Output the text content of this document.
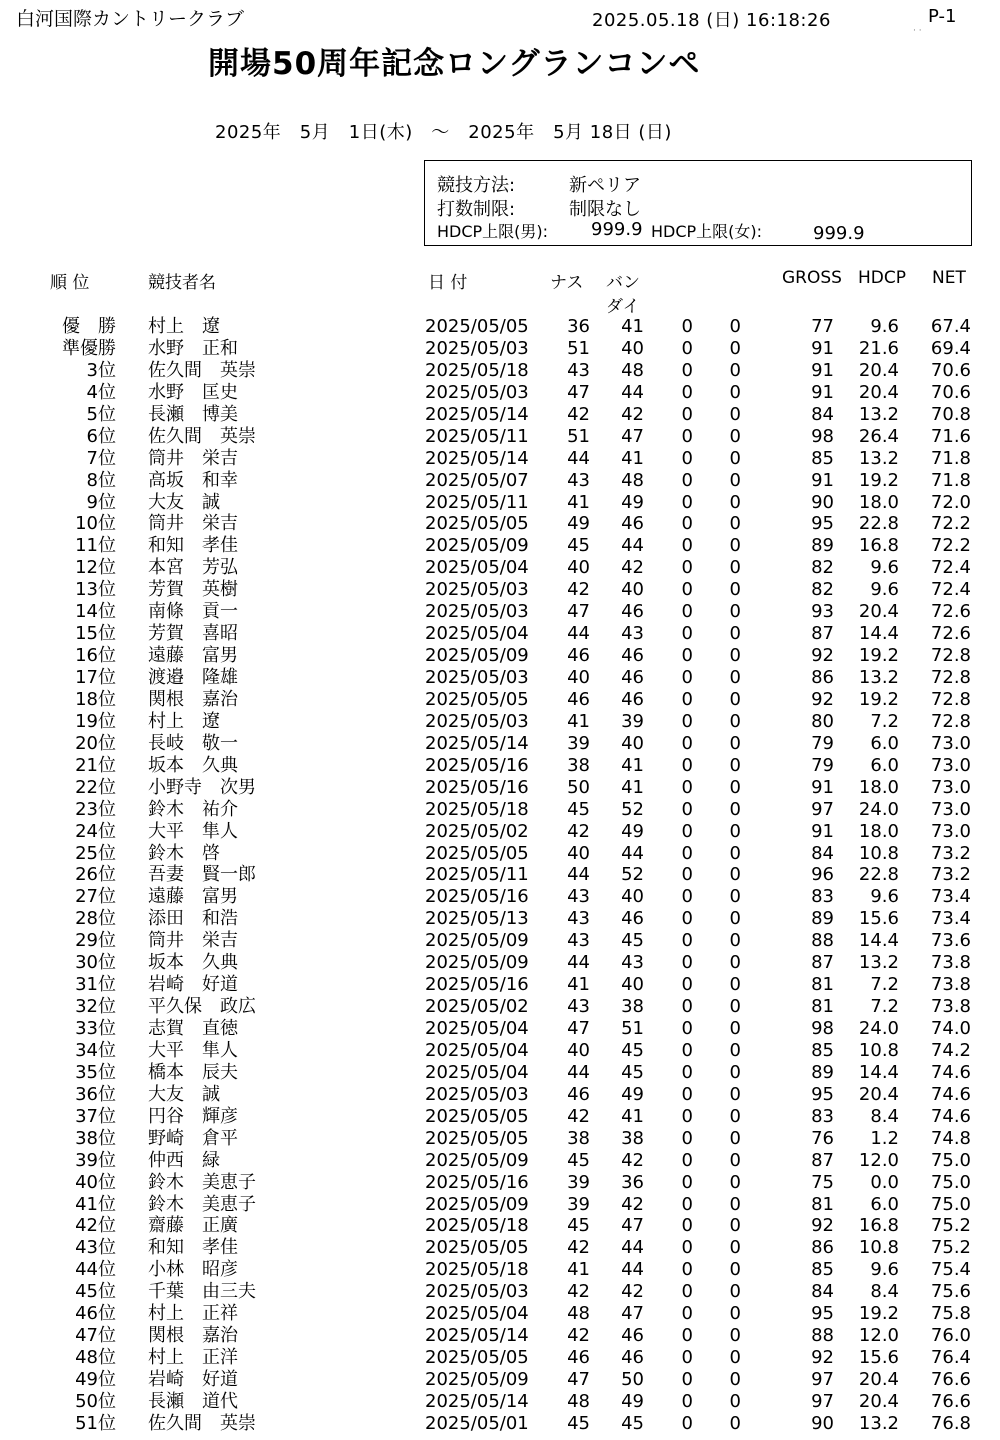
白河国際カントリークラブ	2025.05.18 (日) 16:18:26	P-1
· ·
開場50周年記念ロングランコンペ
2025年　5月　1日(木)　～　2025年　5月 18日 (日)
競技方法:	新ペリア
打数制限:	制限なし
HDCP上限(男): 999.9 HDCP上限(女):	999.9
順 位	競技者名	日 付	ナス バン
ダイ
GROSS HDCP NET
優　勝 村上　遼	2025/05/05 36 41 0 0	77 9.6 67.4
準優勝 水野　正和	2025/05/03 51 40 0 0	91 21.6 69.4
3位 佐久間　英崇	2025/05/18 43 48 0 0	91 20.4 70.6
4位 水野　匡史	2025/05/03 47 44 0 0	91 20.4 70.6
5位 長瀬　博美	2025/05/14 42 42 0 0	84 13.2 70.8
6位 佐久間　英崇	2025/05/11 51 47 0 0	98 26.4 71.6
7位 筒井　栄吉	2025/05/14 44 41 0 0	85 13.2 71.8
8位 高坂　和幸	2025/05/07 43 48 0 0	91 19.2 71.8
9位 大友　誠	2025/05/11 41 49 0 0	90 18.0 72.0
10位 筒井　栄吉	2025/05/05 49 46 0 0	95 22.8 72.2
11位 和知　孝佳	2025/05/09 45 44 0 0	89 16.8 72.2
12位 本宮　芳弘	2025/05/04 40 42 0 0	82 9.6 72.4
13位 芳賀　英樹	2025/05/03 42 40 0 0	82 9.6 72.4
14位 南條　貢一	2025/05/03 47 46 0 0	93 20.4 72.6
15位 芳賀　喜昭	2025/05/04 44 43 0 0	87 14.4 72.6
16位 遠藤　富男	2025/05/09 46 46 0 0	92 19.2 72.8
17位 渡邉　隆雄	2025/05/03 40 46 0 0	86 13.2 72.8
18位 関根　嘉治	2025/05/05 46 46 0 0	92 19.2 72.8
19位 村上　遼	2025/05/03 41 39 0 0	80 7.2 72.8
20位 長岐　敬一	2025/05/14 39 40 0 0	79 6.0 73.0
21位 坂本　久典	2025/05/16 38 41 0 0	79 6.0 73.0
22位 小野寺　次男	2025/05/16 50 41 0 0	91 18.0 73.0
23位 鈴木　祐介	2025/05/18 45 52 0 0	97 24.0 73.0
24位 大平　隼人	2025/05/02 42 49 0 0	91 18.0 73.0
25位 鈴木　啓	2025/05/05 40 44 0 0	84 10.8 73.2
26位 吾妻　賢一郎	2025/05/11 44 52 0 0	96 22.8 73.2
27位 遠藤　富男	2025/05/16 43 40 0 0	83 9.6 73.4
28位 添田　和浩	2025/05/13 43 46 0 0	89 15.6 73.4
29位 筒井　栄吉	2025/05/09 43 45 0 0	88 14.4 73.6
30位 坂本　久典	2025/05/09 44 43 0 0	87 13.2 73.8
31位 岩崎　好道	2025/05/16 41 40 0 0	81 7.2 73.8
32位 平久保　政広	2025/05/02 43 38 0 0	81 7.2 73.8
33位 志賀　直徳	2025/05/04 47 51 0 0	98 24.0 74.0
34位 大平　隼人	2025/05/04 40 45 0 0	85 10.8 74.2
35位 橋本　辰夫	2025/05/04 44 45 0 0	89 14.4 74.6
36位 大友　誠	2025/05/03 46 49 0 0	95 20.4 74.6
37位 円谷　輝彦	2025/05/05 42 41 0 0	83 8.4 74.6
38位 野崎　倉平	2025/05/05 38 38 0 0	76 1.2 74.8
39位 仲西　緑	2025/05/09 45 42 0 0	87 12.0 75.0
40位 鈴木　美恵子	2025/05/16 39 36 0 0	75 0.0 75.0
41位 鈴木　美恵子	2025/05/09 39 42 0 0	81 6.0 75.0
42位 齋藤　正廣	2025/05/18 45 47 0 0	92 16.8 75.2
43位 和知　孝佳	2025/05/05 42 44 0 0	86 10.8 75.2
44位 小林　昭彦	2025/05/18 41 44 0 0	85 9.6 75.4
45位 千葉　由三夫	2025/05/03 42 42 0 0	84 8.4 75.6
46位 村上　正祥	2025/05/04 48 47 0 0	95 19.2 75.8
47位 関根　嘉治	2025/05/14 42 46 0 0	88 12.0 76.0
48位 村上　正洋	2025/05/05 46 46 0 0	92 15.6 76.4
49位 岩崎　好道	2025/05/09 47 50 0 0	97 20.4 76.6
50位 長瀬　道代	2025/05/14 48 49 0 0	97 20.4 76.6
51位 佐久間　英崇	2025/05/01 45 45 0 0	90 13.2 76.8
